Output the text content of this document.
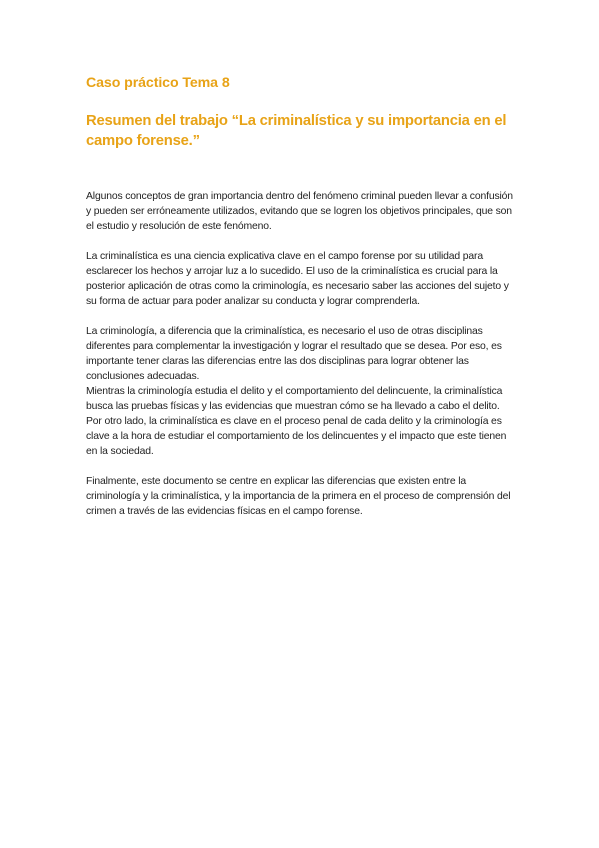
Caso práctico Tema 8

Resumen del trabajo “La criminalística y su importancia en el campo forense.”

Algunos conceptos de gran importancia dentro del fenómeno criminal pueden llevar a confusión y pueden ser erróneamente utilizados, evitando que se logren los objetivos principales, que son el estudio y resolución de este fenómeno.

La criminalística es una ciencia explicativa clave en el campo forense por su utilidad para esclarecer los hechos y arrojar luz a lo sucedido. El uso de la criminalística es crucial para la posterior aplicación de otras como la criminología, es necesario saber las acciones del sujeto y su forma de actuar para poder analizar su conducta y lograr comprenderla.

La criminología, a diferencia que la criminalística, es necesario el uso de otras disciplinas diferentes para complementar la investigación y lograr el resultado que se desea. Por eso, es importante tener claras las diferencias entre las dos disciplinas para lograr obtener las conclusiones adecuadas.

Mientras la criminología estudia el delito y el comportamiento del delincuente, la criminalística busca las pruebas físicas y las evidencias que muestran cómo se ha llevado a cabo el delito.

Por otro lado, la criminalística es clave en el proceso penal de cada delito y la criminología es clave a la hora de estudiar el comportamiento de los delincuentes y el impacto que este tienen en la sociedad.

Finalmente, este documento se centre en explicar las diferencias que existen entre la criminología y la criminalística, y la importancia de la primera en el proceso de comprensión del crimen a través de las evidencias físicas en el campo forense.
